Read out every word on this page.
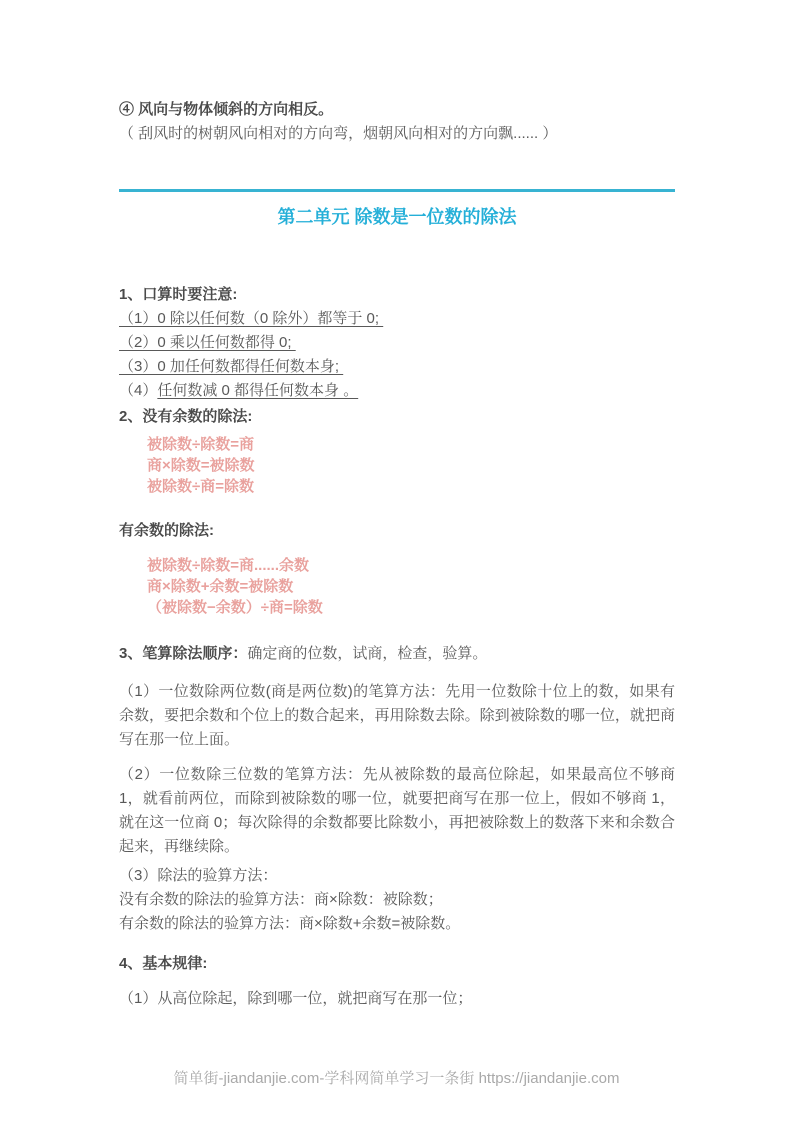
④ 风向与物体倾斜的方向相反。
（ 刮风时的树朝风向相对的方向弯，烟朝风向相对的方向飘...... ）
第二单元 除数是一位数的除法
1、口算时要注意:
（1）0 除以任何数（0 除外）都等于 0;
（2）0 乘以任何数都得 0;
（3）0 加任何数都得任何数本身;
（4）任何数减 0 都得任何数本身 。
2、没有余数的除法:
被除数÷除数=商
商×除数=被除数
被除数÷商=除数
有余数的除法:
被除数÷除数=商......余数
商×除数+余数=被除数
（被除数−余数）÷商=除数
3、笔算除法顺序：确定商的位数，试商，检查，验算。
（1）一位数除两位数(商是两位数)的笔算方法：先用一位数除十位上的数，如果有余数，要把余数和个位上的数合起来，再用除数去除。除到被除数的哪一位，就把商写在那一位上面。
（2）一位数除三位数的笔算方法：先从被除数的最高位除起，如果最高位不够商 1，就看前两位，而除到被除数的哪一位，就要把商写在那一位上，假如不够商 1，就在这一位商 0；每次除得的余数都要比除数小，再把被除数上的数落下来和余数合起来，再继续除。
（3）除法的验算方法：
没有余数的除法的验算方法：商×除数：被除数；
有余数的除法的验算方法：商×除数+余数=被除数。
4、基本规律:
（1）从高位除起，除到哪一位，就把商写在那一位；
简单街-jiandanjie.com-学科网简单学习一条街 https://jiandanjie.com
